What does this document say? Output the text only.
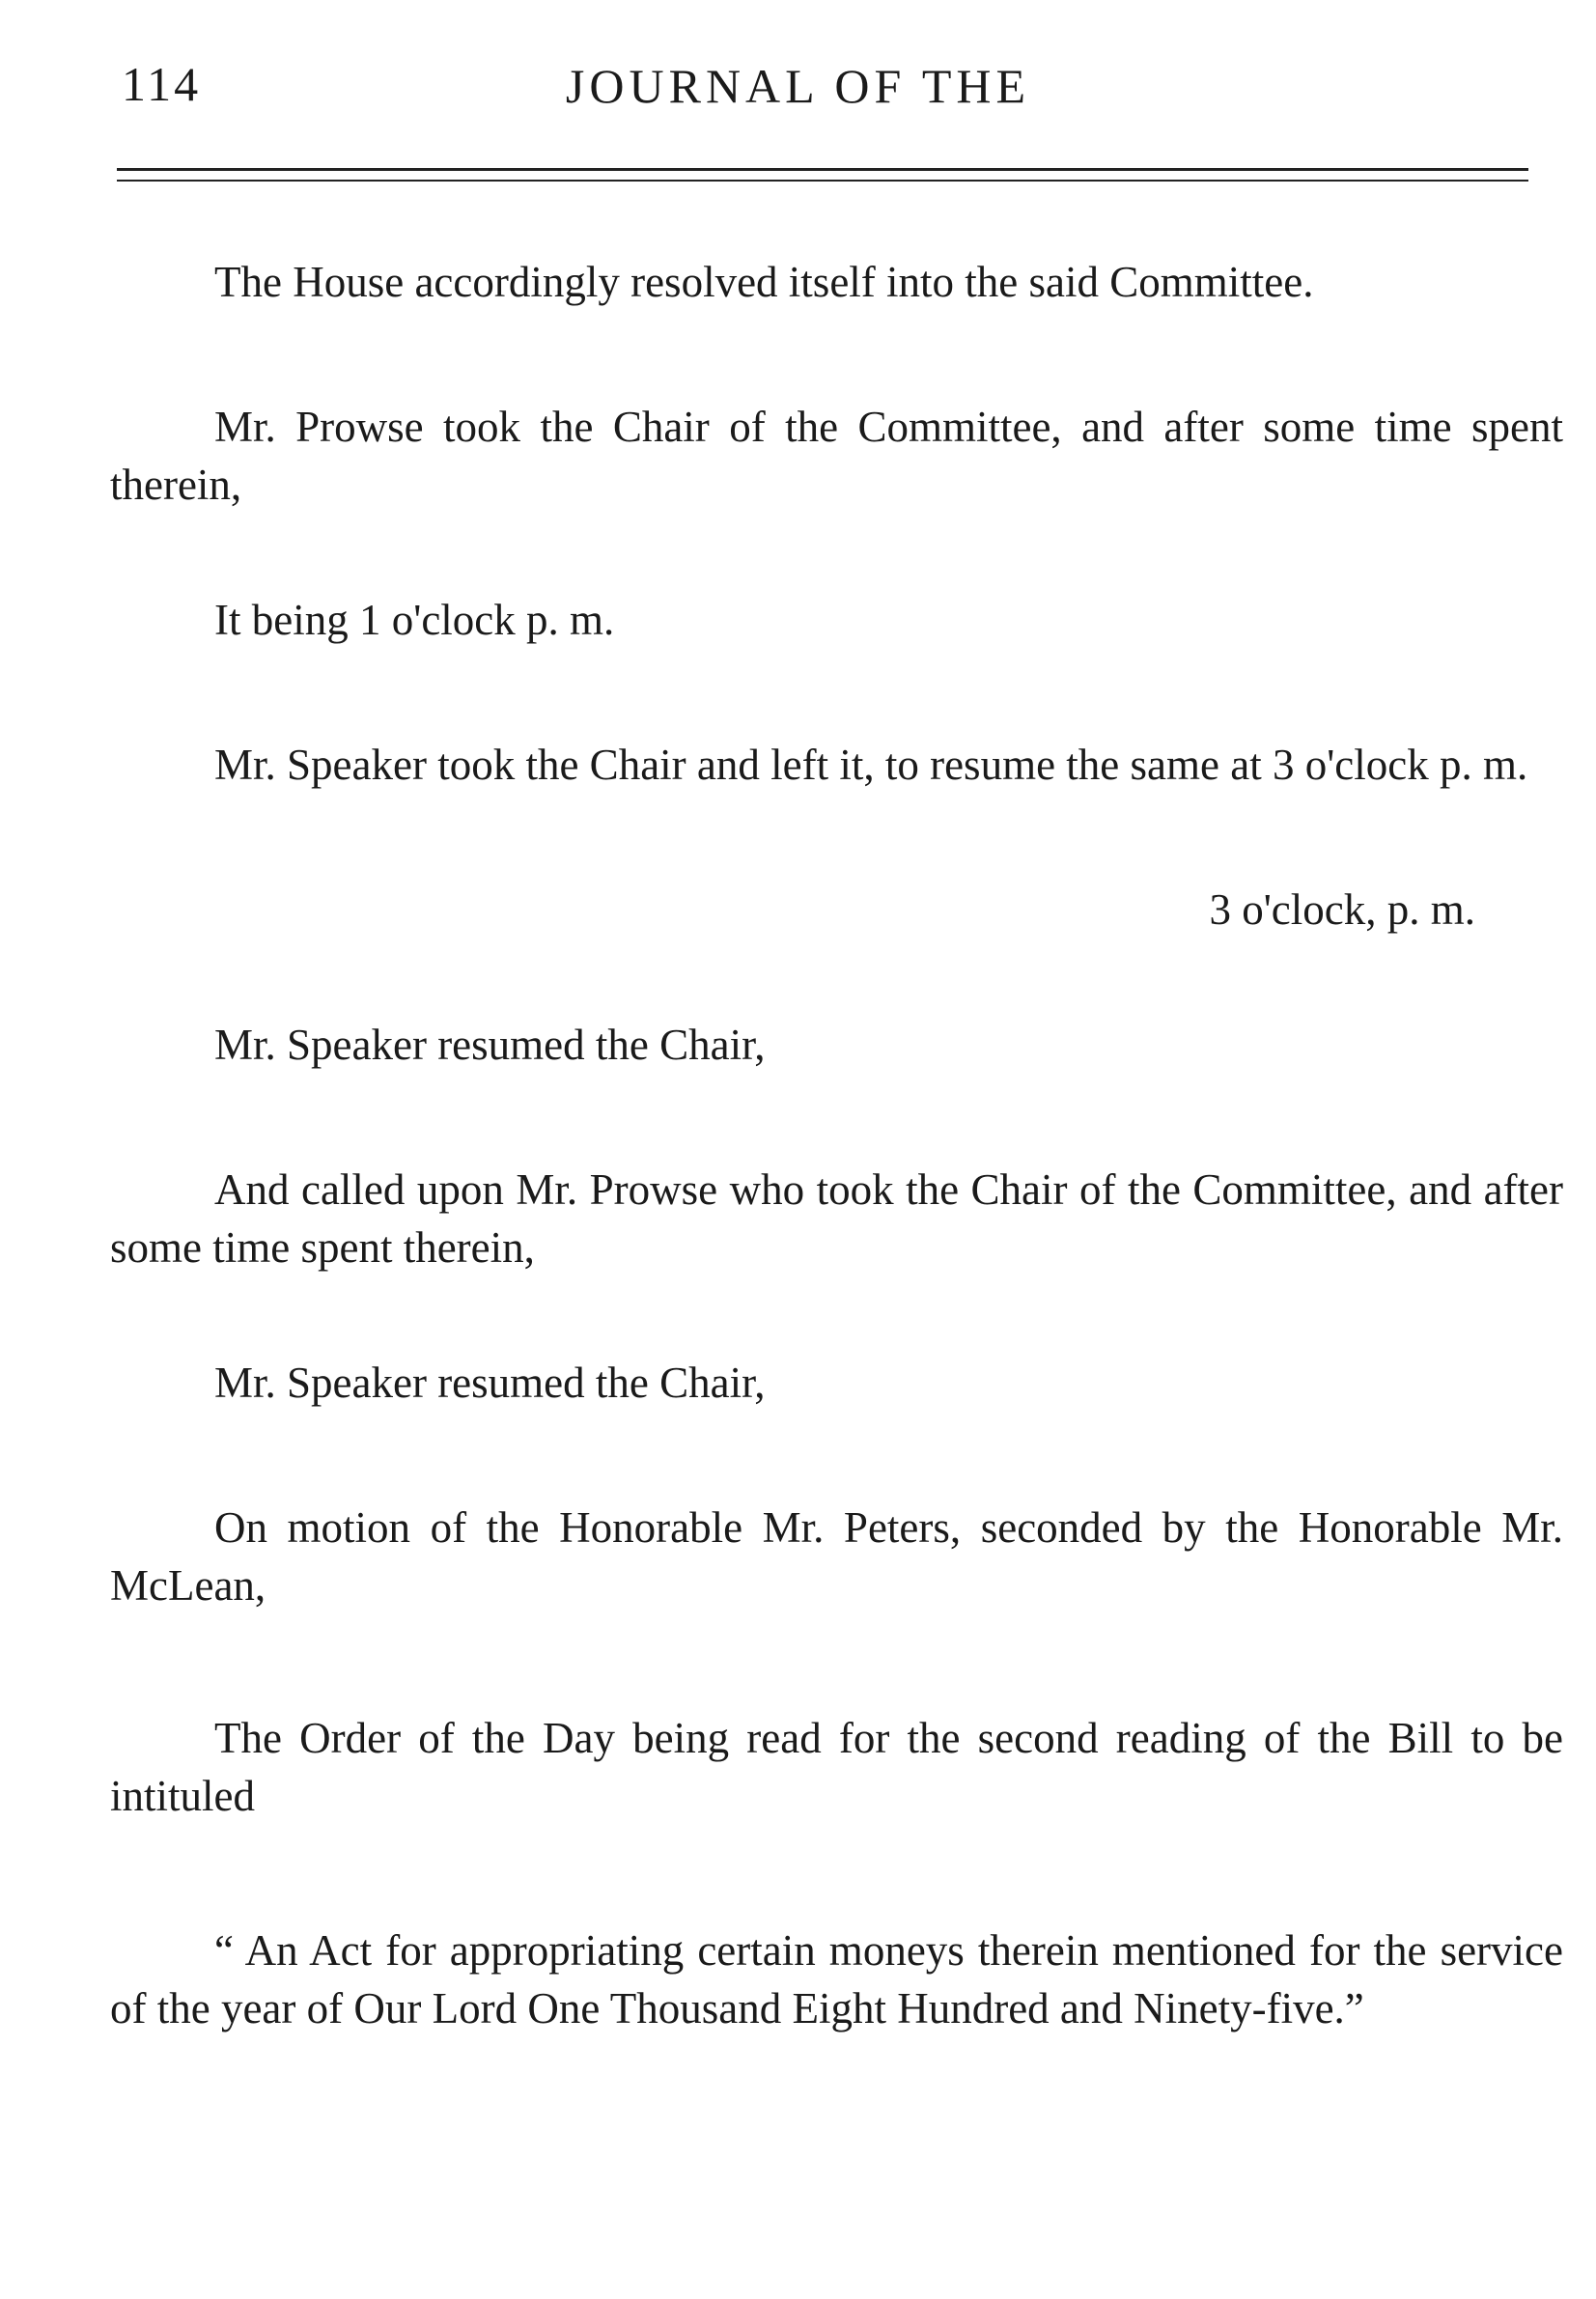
114	JOURNAL OF THE

The House accordingly resolved itself into the said Committee.

Mr. Prowse took the Chair of the Committee, and after some time spent therein,

It being 1 o'clock p. m.

Mr. Speaker took the Chair and left it, to resume the same at 3 o'clock p. m.

3 o'clock, p. m.

Mr. Speaker resumed the Chair,

And called upon Mr. Prowse who took the Chair of the Committee, and after some time spent therein,

Mr. Speaker resumed the Chair,

On motion of the Honorable Mr. Peters, seconded by the Honorable Mr. McLean,

The Order of the Day being read for the second reading of the Bill to be intituled

“ An Act for appropriating certain moneys therein mentioned for the service of the year of Our Lord One Thousand Eight Hundred and Ninety-five.”
